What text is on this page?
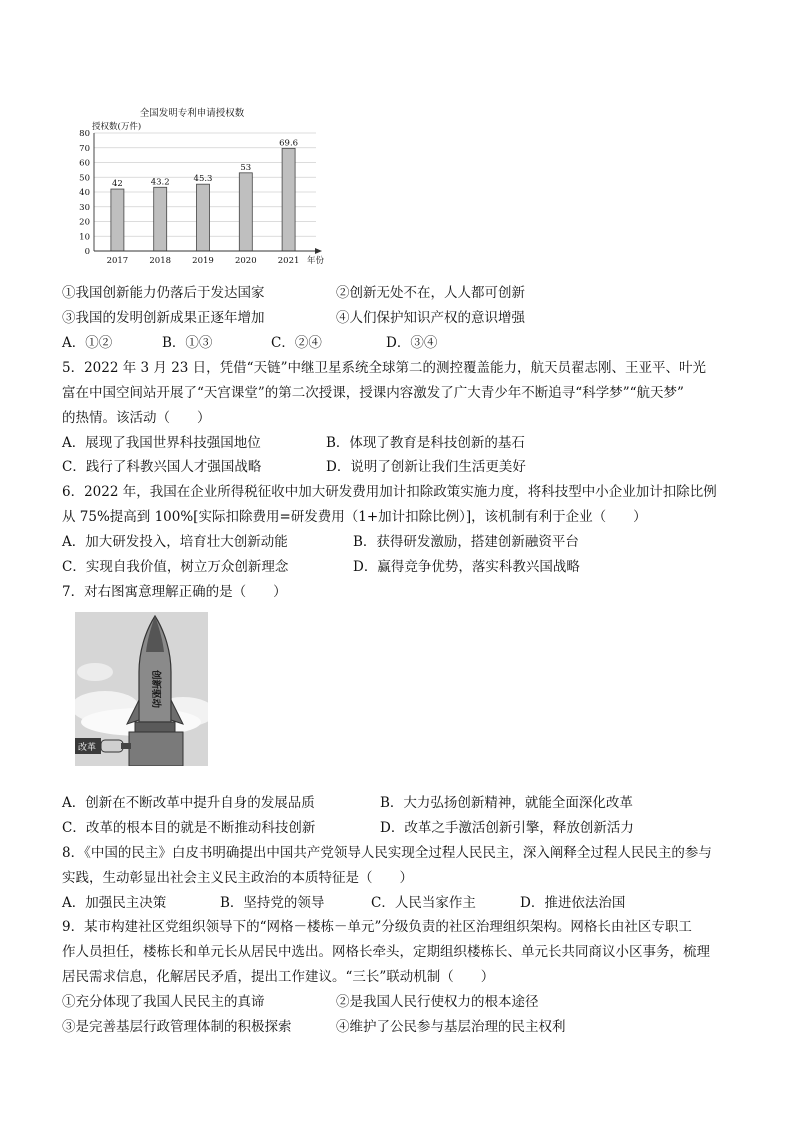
全国发明专利申请授权数
授权数(万件)
0
10
20
30
40
50
60
70
80
42	43.2	45.3
53
69.6
2017 2018 2019 2020 2021 年份
①我国创新能力仍落后于发达国家	②创新无处不在，人人都可创新
③我国的发明创新成果正逐年增加	④人们保护知识产权的意识增强
A．①②	B．①③	C．②④	D．③④
5．2022 年 3 月 23 日，凭借“天链”中继卫星系统全球第二的测控覆盖能力，航天员翟志刚、王亚平、叶光
富在中国空间站开展了“天宫课堂”的第二次授课，授课内容激发了广大青少年不断追寻“科学梦”“航天梦”
的热情。该活动（　　）
A．展现了我国世界科技强国地位	B．体现了教育是科技创新的基石
C．践行了科教兴国人才强国战略	D．说明了创新让我们生活更美好
6．2022 年，我国在企业所得税征收中加大研发费用加计扣除政策实施力度，将科技型中小企业加计扣除比例
从 75%提高到 100%[实际扣除费用=研发费用（1+加计扣除比例）]，该机制有利于企业（　　）
A．加大研发投入，培育壮大创新动能	B．获得研发激励，搭建创新融资平台
C．实现自我价值，树立万众创新理念	D．赢得竞争优势，落实科教兴国战略
7．对右图寓意理解正确的是（　　）
创新驱动
改革
A．创新在不断改革中提升自身的发展品质	B．大力弘扬创新精神，就能全面深化改革
C．改革的根本目的就是不断推动科技创新	D．改革之手激活创新引擎，释放创新活力
8．《中国的民主》白皮书明确提出中国共产党领导人民实现全过程人民民主，深入阐释全过程人民民主的参与
实践，生动彰显出社会主义民主政治的本质特征是（　　）
A．加强民主决策	B．坚持党的领导	C．人民当家作主	D．推进依法治国
9．某市构建社区党组织领导下的“网格－楼栋－单元”分级负责的社区治理组织架构。网格长由社区专职工
作人员担任，楼栋长和单元长从居民中选出。网格长牵头，定期组织楼栋长、单元长共同商议小区事务，梳理
居民需求信息，化解居民矛盾，提出工作建议。“三长”联动机制（　　）
①充分体现了我国人民民主的真谛	②是我国人民行使权力的根本途径
③是完善基层行政管理体制的积极探索	④维护了公民参与基层治理的民主权利
